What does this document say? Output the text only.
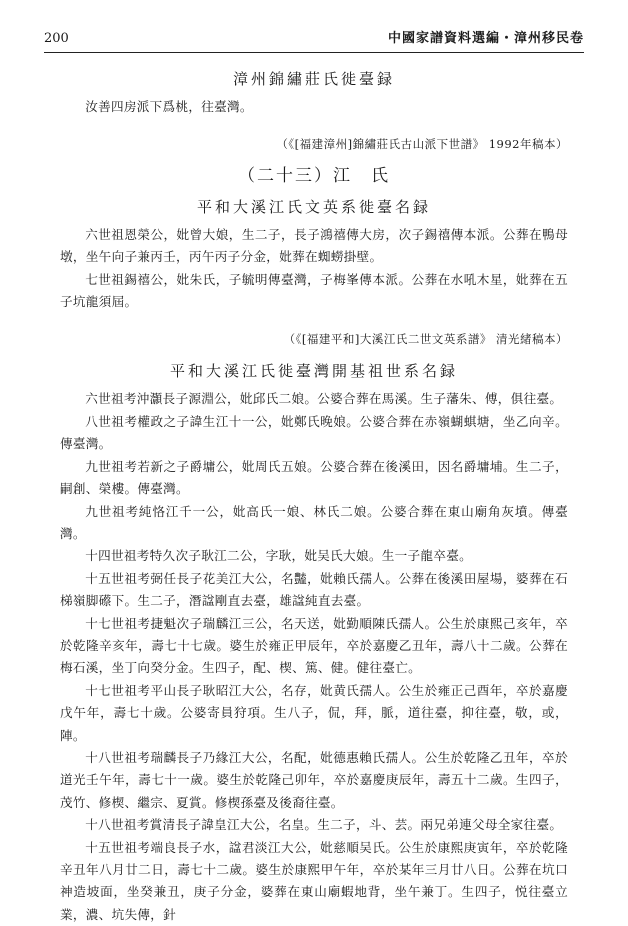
200	中國家譜資料選編・漳州移民卷
漳州錦繡莊氏徙臺録

汝善四房派下爲桃，往臺灣。

（《[福建漳州]錦繡莊氏古山派下世譜》 1992年稿本）
（二十三）江　氏
平和大溪江氏文英系徙臺名録

六世祖恩榮公，妣曾大娘，生二子，長子鴻禧傳大房，次子錫禧傳本派。公葬在鴨母墩，坐午向子兼丙壬，丙午丙子分金，妣葬在蜘蟧掛壁。

七世祖錫禧公，妣朱氏，子毓明傳臺灣，子梅峯傳本派。公葬在水吼木星，妣葬在五子坑龍須屆。

（《[福建平和]大溪江氏二世文英系譜》 清光緒稿本）
平和大溪江氏徙臺灣開基祖世系名録

六世祖考沖灝長子源淵公，妣邱氏二娘。公婆合葬在馬溪。生子藩朱、傅，俱往臺。

八世祖考權政之子諱生江十一公，妣鄭氏晚娘。公婆合葬在赤嶺蝴蜞塘，坐乙向辛。傳臺灣。

九世祖考若新之子爵墉公，妣周氏五娘。公婆合葬在後溪田，因名爵墉埔。生二子，嗣創、榮樓。傳臺灣。

九世祖考純恪江千一公，妣高氏一娘、林氏二娘。公婆合葬在東山廟角灰墳。傳臺灣。

十四世祖考特久次子耿江二公，字耿，妣吴氏大娘。生一子龍卒臺。

十五世祖考弼任長子花美江大公，名豔，妣賴氏孺人。公葬在後溪田屋場，婆葬在石梯嶺脚礤下。生二子，潛諡剛直去臺，雄諡純直去臺。

十七世祖考捷魁次子瑞麟江三公，名天送，妣勤順陳氏孺人。公生於康熙己亥年，卒於乾隆辛亥年，壽七十七歲。婆生於雍正甲辰年，卒於嘉慶乙丑年，壽八十二歲。公葬在梅石溪，坐丁向癸分金。生四子，配、楔、篤、健。健往臺亡。

十七世祖考平山長子耿昭江大公，名存，妣黄氏孺人。公生於雍正己酉年，卒於嘉慶戊午年，壽七十歲。公婆寄員狩項。生八子，侃，拜，脈，道往臺，抑往臺，敬，或，陣。

十八世祖考瑞麟長子乃緣江大公，名配，妣德惠賴氏孺人。公生於乾隆乙丑年，卒於道光壬午年，壽七十一歲。婆生於乾隆己卯年，卒於嘉慶庚辰年，壽五十二歲。生四子，茂竹、修楔、繼宗、夏賞。修楔孫臺及後裔往臺。

十八世祖考賞清長子諱皇江大公，名皇。生二子，斗、芸。兩兄弟連父母全家往臺。

十五世祖考端良長子水，諡君淡江大公，妣慈順吴氏。公生於康熙庚寅年，卒於乾隆辛丑年八月廿二日，壽七十二歲。婆生於康熙甲午年，卒於某年三月廿八日。公葬在坑口神造坡面，坐癸兼丑，庚子分金，婆葬在東山廟蝦地背，坐午兼丁。生四子，悦往臺立業，濃、坑失傳，針
